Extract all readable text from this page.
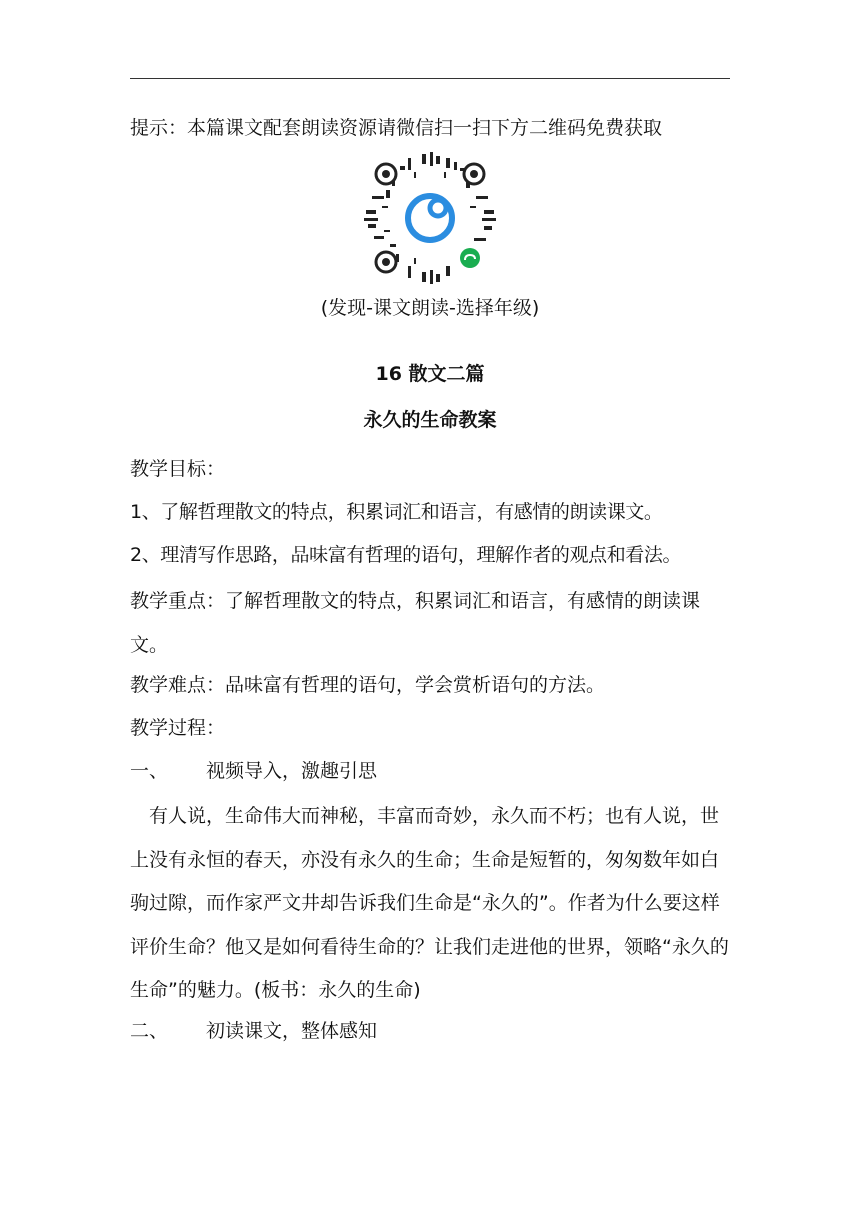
提示：本篇课文配套朗读资源请微信扫一扫下方二维码免费获取
(发现-课文朗读-选择年级)
16 散文二篇
永久的生命教案
教学目标：
1、了解哲理散文的特点，积累词汇和语言，有感情的朗读课文。
2、理清写作思路，品味富有哲理的语句，理解作者的观点和看法。
教学重点：了解哲理散文的特点，积累词汇和语言，有感情的朗读课文。
教学难点：品味富有哲理的语句，学会赏析语句的方法。
教学过程：
一、 视频导入，激趣引思
有人说，生命伟大而神秘，丰富而奇妙，永久而不朽；也有人说，世上没有永恒的春天，亦没有永久的生命；生命是短暂的，匆匆数年如白驹过隙，而作家严文井却告诉我们生命是“永久的”。作者为什么要这样评价生命？他又是如何看待生命的？让我们走进他的世界，领略“永久的生命”的魅力。(板书：永久的生命)
二、 初读课文，整体感知
